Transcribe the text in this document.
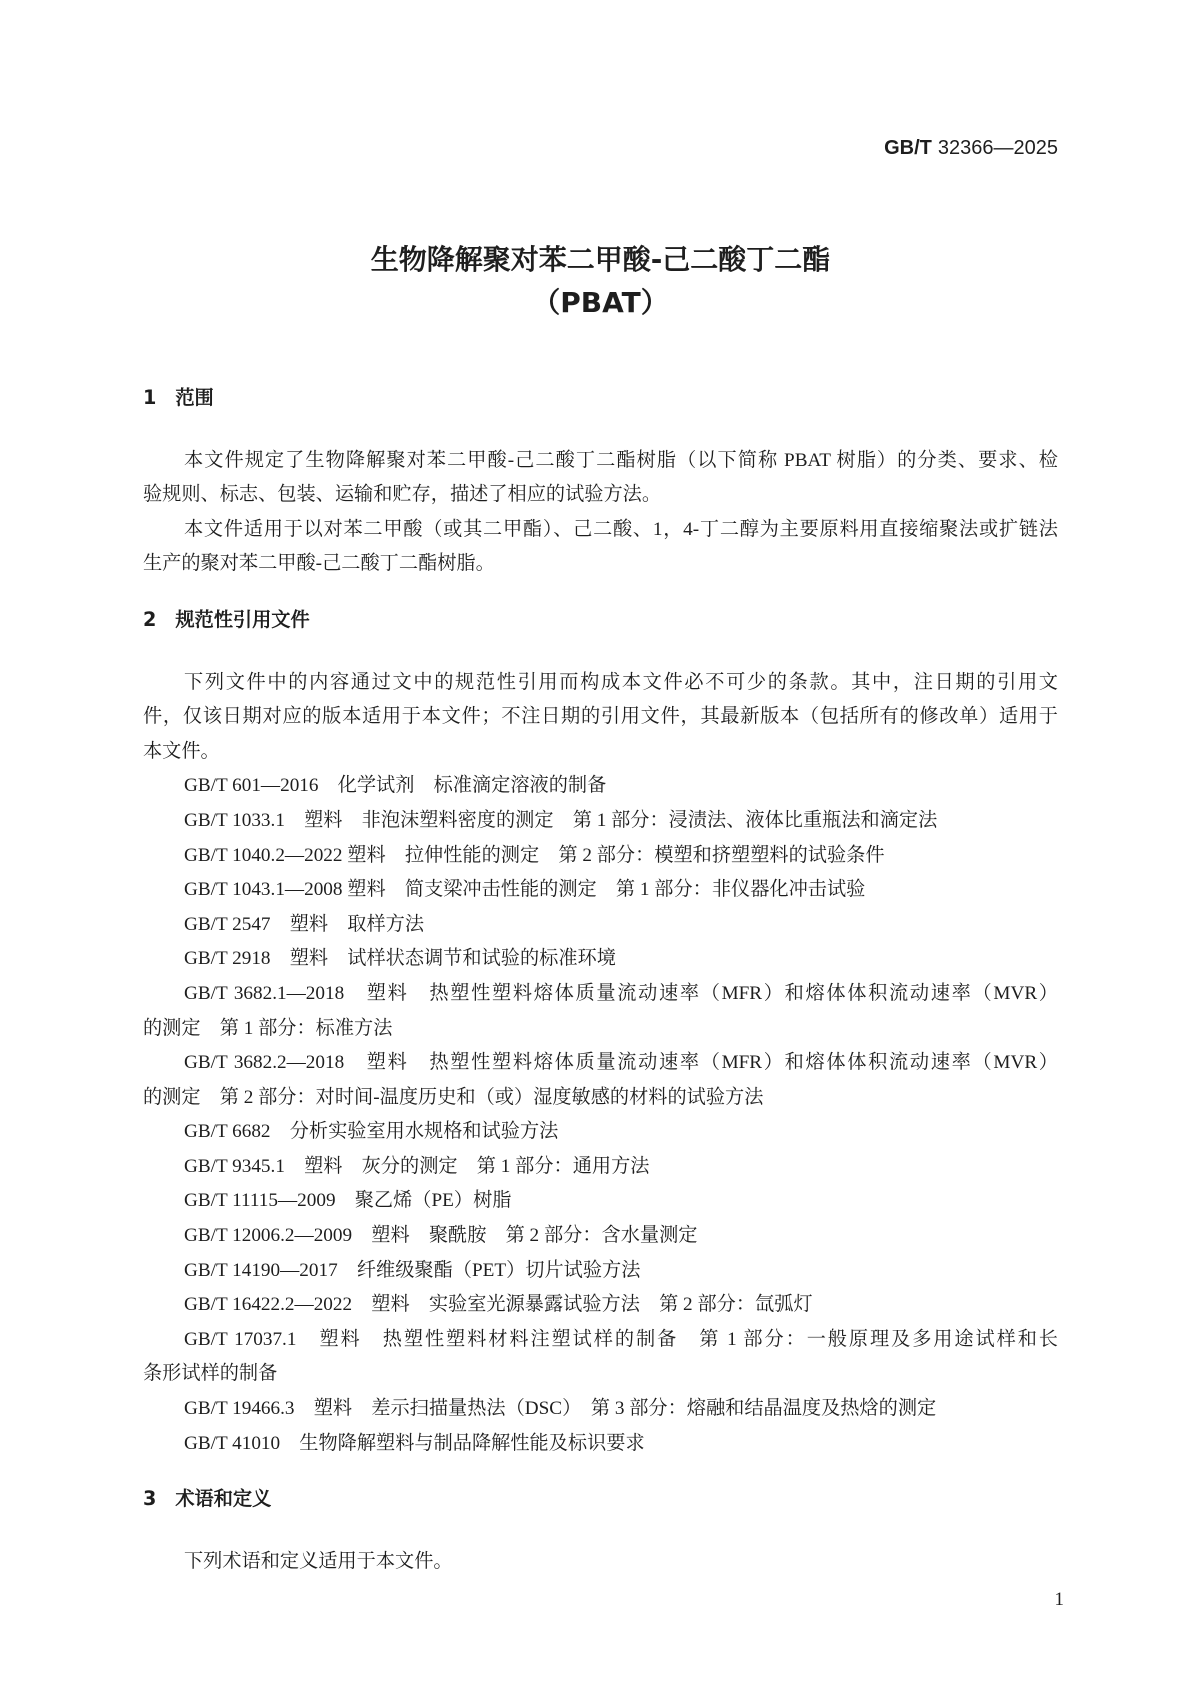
GB/T 32366—2025
生物降解聚对苯二甲酸-己二酸丁二酯
（PBAT）
1 范围
本文件规定了生物降解聚对苯二甲酸-己二酸丁二酯树脂（以下简称 PBAT 树脂）的分类、要求、检
验规则、标志、包装、运输和贮存，描述了相应的试验方法。
本文件适用于以对苯二甲酸（或其二甲酯）、己二酸、1，4-丁二醇为主要原料用直接缩聚法或扩链法
生产的聚对苯二甲酸-己二酸丁二酯树脂。
2 规范性引用文件
下列文件中的内容通过文中的规范性引用而构成本文件必不可少的条款。其中，注日期的引用文
件，仅该日期对应的版本适用于本文件；不注日期的引用文件，其最新版本（包括所有的修改单）适用于
本文件。
GB/T 601—2016　化学试剂　标准滴定溶液的制备
GB/T 1033.1　塑料　非泡沫塑料密度的测定　第 1 部分：浸渍法、液体比重瓶法和滴定法
GB/T 1040.2—2022 塑料　拉伸性能的测定　第 2 部分：模塑和挤塑塑料的试验条件
GB/T 1043.1—2008 塑料　简支梁冲击性能的测定　第 1 部分：非仪器化冲击试验
GB/T 2547　塑料　取样方法
GB/T 2918　塑料　试样状态调节和试验的标准环境
GB/T 3682.1—2018　塑料　热塑性塑料熔体质量流动速率（MFR）和熔体体积流动速率（MVR）
的测定　第 1 部分：标准方法
GB/T 3682.2—2018　塑料　热塑性塑料熔体质量流动速率（MFR）和熔体体积流动速率（MVR）
的测定　第 2 部分：对时间-温度历史和（或）湿度敏感的材料的试验方法
GB/T 6682　分析实验室用水规格和试验方法
GB/T 9345.1　塑料　灰分的测定　第 1 部分：通用方法
GB/T 11115—2009　聚乙烯（PE）树脂
GB/T 12006.2—2009　塑料　聚酰胺　第 2 部分：含水量测定
GB/T 14190—2017　纤维级聚酯（PET）切片试验方法
GB/T 16422.2—2022　塑料　实验室光源暴露试验方法　第 2 部分：氙弧灯
GB/T 17037.1　塑料　热塑性塑料材料注塑试样的制备　第 1 部分：一般原理及多用途试样和长
条形试样的制备
GB/T 19466.3　塑料　差示扫描量热法（DSC）　第 3 部分：熔融和结晶温度及热焓的测定
GB/T 41010　生物降解塑料与制品降解性能及标识要求
3 术语和定义
下列术语和定义适用于本文件。
1
